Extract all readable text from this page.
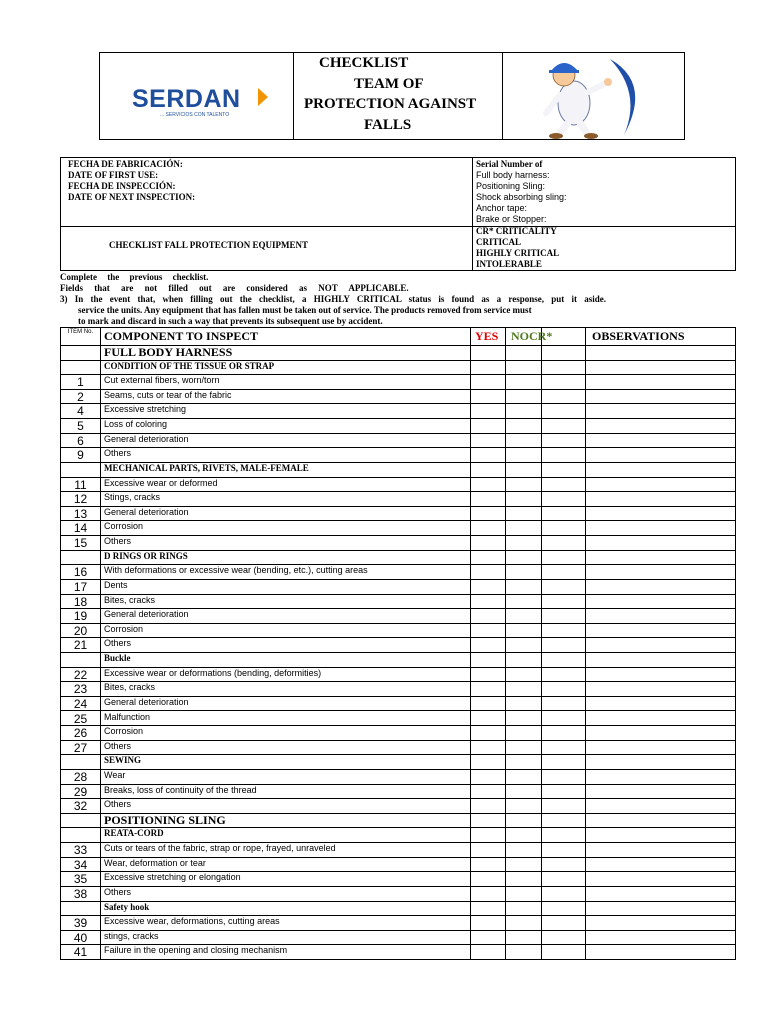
SERDAN
... SERVICIOS CON TALENTO
CHECKLIST
TEAM OF
PROTECTION AGAINST
FALLS
FECHA DE FABRICACIÓN:
DATE OF FIRST USE:
FECHA DE INSPECCIÓN:
DATE OF NEXT INSPECTION:
Serial Number of
Full body harness:
Positioning Sling:
Shock absorbing sling:
Anchor tape:
Brake or Stopper:
CHECKLIST FALL PROTECTION EQUIPMENT
CR* CRITICALITY
CRITICAL
HIGHLY CRITICAL
INTOLERABLE
Complete the previous checklist.
Fields that are not filled out are considered as NOT APPLICABLE.
3) In the event that, when filling out the checklist, a HIGHLY CRITICAL status is found as a response, put it aside.
service the units. Any equipment that has fallen must be taken out of service. The products removed from service must
to mark and discard in such a way that prevents its subsequent use by accident.
ITEM No. COMPONENT TO INSPECT	YES NOCR*	OBSERVATIONS
FULL BODY HARNESS
CONDITION OF THE TISSUE OR STRAP
1	Cut external fibers, worn/torn
2	Seams, cuts or tear of the fabric
4	Excessive stretching
5	Loss of coloring
6	General deterioration
9	Others
MECHANICAL PARTS, RIVETS, MALE-FEMALE
11	Excessive wear or deformed
12	Stings, cracks
13	General deterioration
14	Corrosion
15	Others
D RINGS OR RINGS
16	With deformations or excessive wear (bending, etc.), cutting areas
17	Dents
18	Bites, cracks
19	General deterioration
20	Corrosion
21	Others
Buckle
22	Excessive wear or deformations (bending, deformities)
23	Bites, cracks
24	General deterioration
25	Malfunction
26	Corrosion
27	Others
SEWING
28	Wear
29	Breaks, loss of continuity of the thread
32	Others
POSITIONING SLING
REATA-CORD
33	Cuts or tears of the fabric, strap or rope, frayed, unraveled
34	Wear, deformation or tear
35	Excessive stretching or elongation
38	Others
Safety hook
39	Excessive wear, deformations, cutting areas
40	stings, cracks
41	Failure in the opening and closing mechanism
